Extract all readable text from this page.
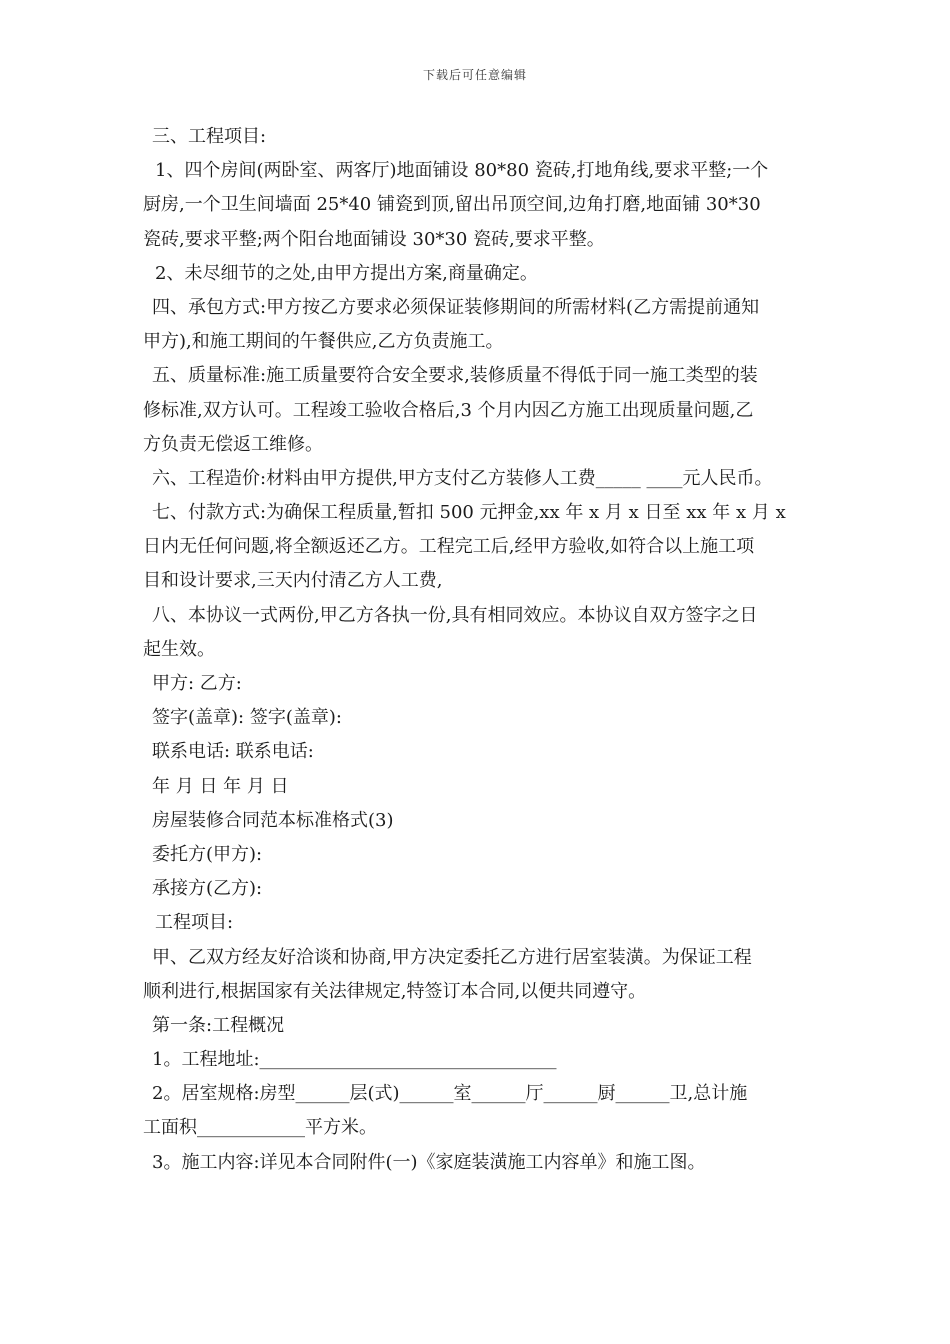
下载后可任意编辑
三、工程项目:
1、四个房间(两卧室、两客厅)地面铺设 80*80 瓷砖,打地角线,要求平整;一个
厨房,一个卫生间墙面 25*40 铺瓷到顶,留出吊顶空间,边角打磨,地面铺 30*30
瓷砖,要求平整;两个阳台地面铺设 30*30 瓷砖,要求平整。
2、未尽细节的之处,由甲方提出方案,商量确定。
四、承包方式:甲方按乙方要求必须保证装修期间的所需材料(乙方需提前通知
甲方),和施工期间的午餐供应,乙方负责施工。
五、质量标准:施工质量要符合安全要求,装修质量不得低于同一施工类型的装
修标准,双方认可。工程竣工验收合格后,3 个月内因乙方施工出现质量问题,乙
方负责无偿返工维修。
六、工程造价:材料由甲方提供,甲方支付乙方装修人工费_____ ____元人民币。
七、付款方式:为确保工程质量,暂扣 500 元押金,xx 年 x 月 x 日至 xx 年 x 月 x
日内无任何问题,将全额返还乙方。工程完工后,经甲方验收,如符合以上施工项
目和设计要求,三天内付清乙方人工费,
八、本协议一式两份,甲乙方各执一份,具有相同效应。本协议自双方签字之日
起生效。
甲方: 乙方:
签字(盖章): 签字(盖章):
联系电话: 联系电话:
年 月 日 年 月 日
房屋装修合同范本标准格式(3)
委托方(甲方):
承接方(乙方):
工程项目:
甲、乙双方经友好洽谈和协商,甲方决定委托乙方进行居室装潢。为保证工程
顺利进行,根据国家有关法律规定,特签订本合同,以便共同遵守。
第一条:工程概况
1。工程地址:_________________________________
2。居室规格:房型______层(式)______室______厅______厨______卫,总计施
工面积____________平方米。
3。施工内容:详见本合同附件(一)《家庭装潢施工内容单》和施工图。
